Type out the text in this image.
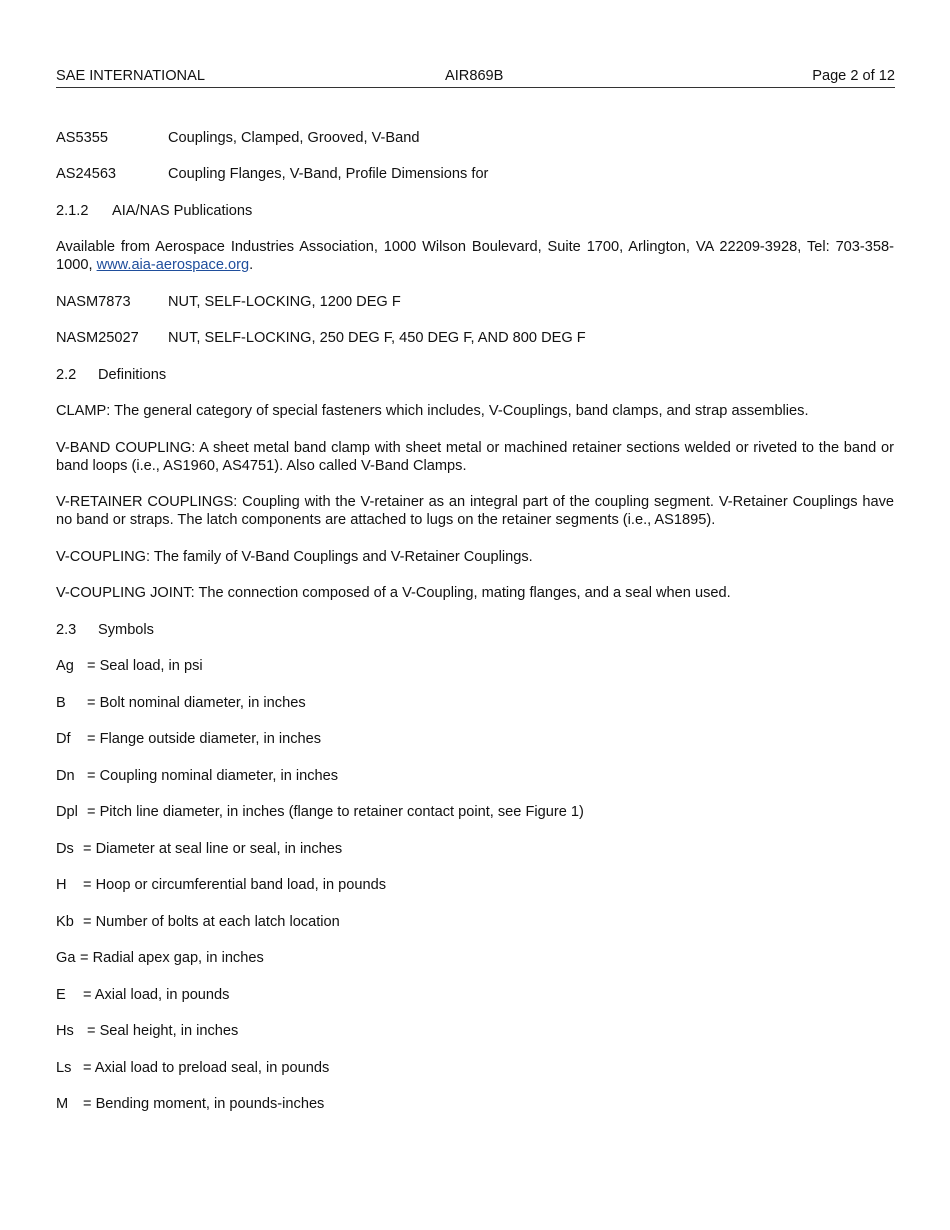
SAE INTERNATIONAL	AIR869B	Page 2 of 12
AS5355	Couplings, Clamped, Grooved, V-Band
AS24563	Coupling Flanges, V-Band, Profile Dimensions for
2.1.2 AIA/NAS Publications
Available from Aerospace Industries Association, 1000 Wilson Boulevard, Suite 1700, Arlington, VA 22209-3928, Tel: 703-358-1000, www.aia-aerospace.org.
NASM7873	NUT, SELF-LOCKING, 1200 DEG F
NASM25027 NUT, SELF-LOCKING, 250 DEG F, 450 DEG F, AND 800 DEG F
2.2 Definitions
CLAMP: The general category of special fasteners which includes, V-Couplings, band clamps, and strap assemblies.
V-BAND COUPLING: A sheet metal band clamp with sheet metal or machined retainer sections welded or riveted to the band or band loops (i.e., AS1960, AS4751). Also called V-Band Clamps.
V-RETAINER COUPLINGS: Coupling with the V-retainer as an integral part of the coupling segment. V-Retainer Couplings have no band or straps. The latch components are attached to lugs on the retainer segments (i.e., AS1895).
V-COUPLING: The family of V-Band Couplings and V-Retainer Couplings.
V-COUPLING JOINT: The connection composed of a V-Coupling, mating flanges, and a seal when used.
2.3 Symbols
Ag = Seal load, in psi
B = Bolt nominal diameter, in inches
Df = Flange outside diameter, in inches
Dn = Coupling nominal diameter, in inches
Dpl = Pitch line diameter, in inches (flange to retainer contact point, see Figure 1)
Ds = Diameter at seal line or seal, in inches
H = Hoop or circumferential band load, in pounds
Kb = Number of bolts at each latch location
Ga = Radial apex gap, in inches
E = Axial load, in pounds
Hs = Seal height, in inches
Ls = Axial load to preload seal, in pounds
M = Bending moment, in pounds-inches
